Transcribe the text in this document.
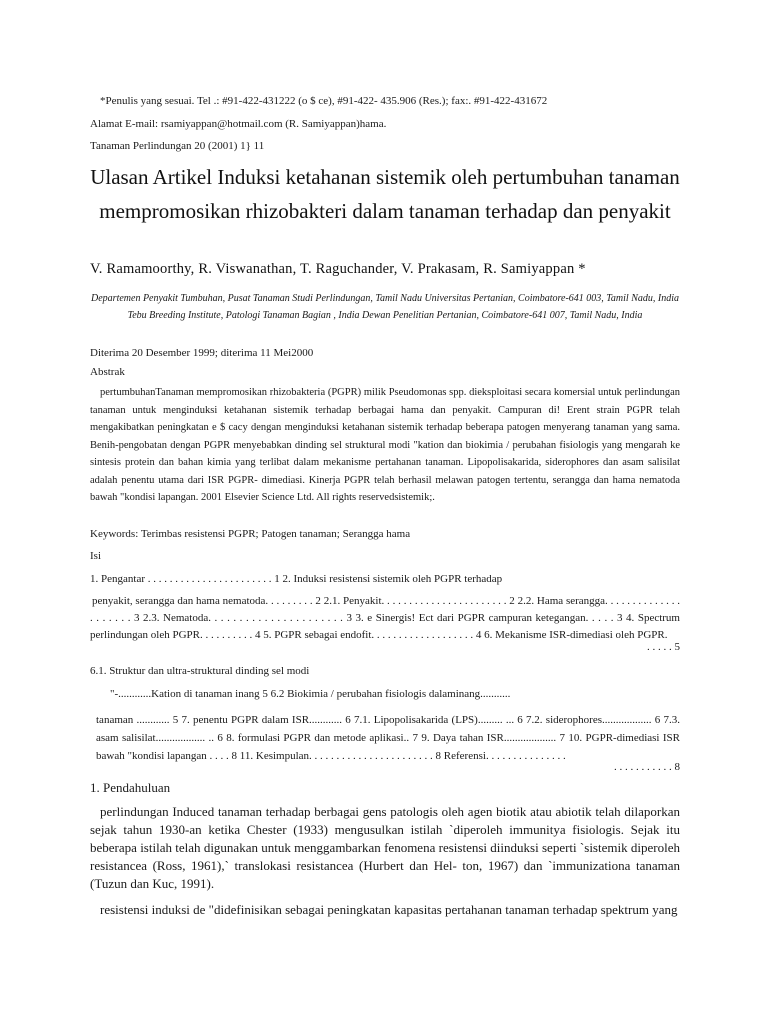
*Penulis yang sesuai. Tel .: #91-422-431222 (o $ ce), #91-422- 435.906 (Res.); fax:. #91-422-431672
Alamat E-mail: rsamiyappan@hotmail.com (R. Samiyappan)hama.
Tanaman Perlindungan 20 (2001) 1} 11
Ulasan Artikel Induksi ketahanan sistemik oleh pertumbuhan tanaman mempromosikan rhizobakteri dalam tanaman terhadap dan penyakit
V. Ramamoorthy, R. Viswanathan, T. Raguchander, V. Prakasam, R. Samiyappan *
Departemen Penyakit Tumbuhan, Pusat Tanaman Studi Perlindungan, Tamil Nadu Universitas Pertanian, Coimbatore-641 003, Tamil Nadu, India Tebu Breeding Institute, Patologi Tanaman Bagian , India Dewan Penelitian Pertanian, Coimbatore-641 007, Tamil Nadu, India
Diterima 20 Desember 1999; diterima 11 Mei2000
Abstrak

pertumbuhanTanaman mempromosikan rhizobakteria (PGPR) milik Pseudomonas spp. dieksploitasi secara komersial untuk perlindungan tanaman untuk menginduksi ketahanan sistemik terhadap berbagai hama dan penyakit. Campuran di! Erent strain PGPR telah mengakibatkan peningkatan e $ cacy dengan menginduksi ketahanan sistemik terhadap beberapa patogen menyerang tanaman yang sama. Benih-pengobatan dengan PGPR menyebabkan dinding sel struktural modi "kation dan biokimia / perubahan fisiologis yang mengarah ke sintesis protein dan bahan kimia yang terlibat dalam mekanisme pertahanan tanaman. Lipopolisakarida, siderophores dan asam salisilat adalah penentu utama dari ISR PGPR- dimediasi. Kinerja PGPR telah berhasil melawan patogen tertentu, serangga dan hama nematoda bawah "kondisi lapangan. 2001 Elsevier Science Ltd. All rights reservedsistemik;.

Keywords: Terimbas resistensi PGPR; Patogen tanaman; Serangga hama
Isi
1. Pengantar . . . . . . . . . . . . . . . . . . . . . . . 1 2. Induksi resistensi sistemik oleh PGPR terhadap
penyakit, serangga dan hama nematoda. . . . . . . . . 2 2.1. Penyakit. . . . . . . . . . . . . . . . . . . . . . . 2 2.2. Hama serangga. . . . . . . . . . . . . . . . . . . . . 3 2.3. Nematoda. . . . . . . . . . . . . . . . . . . . . . 3 3. e Sinergis! Ect dari PGPR campuran ketegangan. . . . . 3 4. Spectrum perlindungan oleh PGPR. . . . . . . . . . 4 5. PGPR sebagai endofit. . . . . . . . . . . . . . . . . . . 4 6. Mekanisme ISR-dimediasi oleh PGPR.
. . . . . 5
6.1. Struktur dan ultra-struktural dinding sel modi
"-............Kation di tanaman inang 5 6.2 Biokimia / perubahan fisiologis dalaminang...........
tanaman ............ 5 7. penentu PGPR dalam ISR............ 6 7.1. Lipopolisakarida (LPS)......... ... 6 7.2. siderophores.................. 6 7.3. asam salisilat.................. .. 6 8. formulasi PGPR dan metode aplikasi.. 7 9. Daya tahan ISR................... 7 10. PGPR-dimediasi ISR bawah "kondisi lapangan . . . . 8 11. Kesimpulan. . . . . . . . . . . . . . . . . . . . . . . 8 Referensi. . . . . . . . . . . . . . .
. . . . . . . . . . . 8
1. Pendahuluan

perlindungan Induced tanaman terhadap berbagai gens patologis oleh agen biotik atau abiotik telah dilaporkan sejak tahun 1930-an ketika Chester (1933) mengusulkan istilah `diperoleh immunitya fisiologis. Sejak itu beberapa istilah telah digunakan untuk menggambarkan fenomena resistensi diinduksi seperti `sistemik diperoleh resistancea (Ross, 1961),` translokasi resistancea (Hurbert dan Hel- ton, 1967) dan `immunizationa tanaman (Tuzun dan Kuc, 1991).

resistensi induksi de "didefinisikan sebagai peningkatan kapasitas pertahanan tanaman terhadap spektrum yang
